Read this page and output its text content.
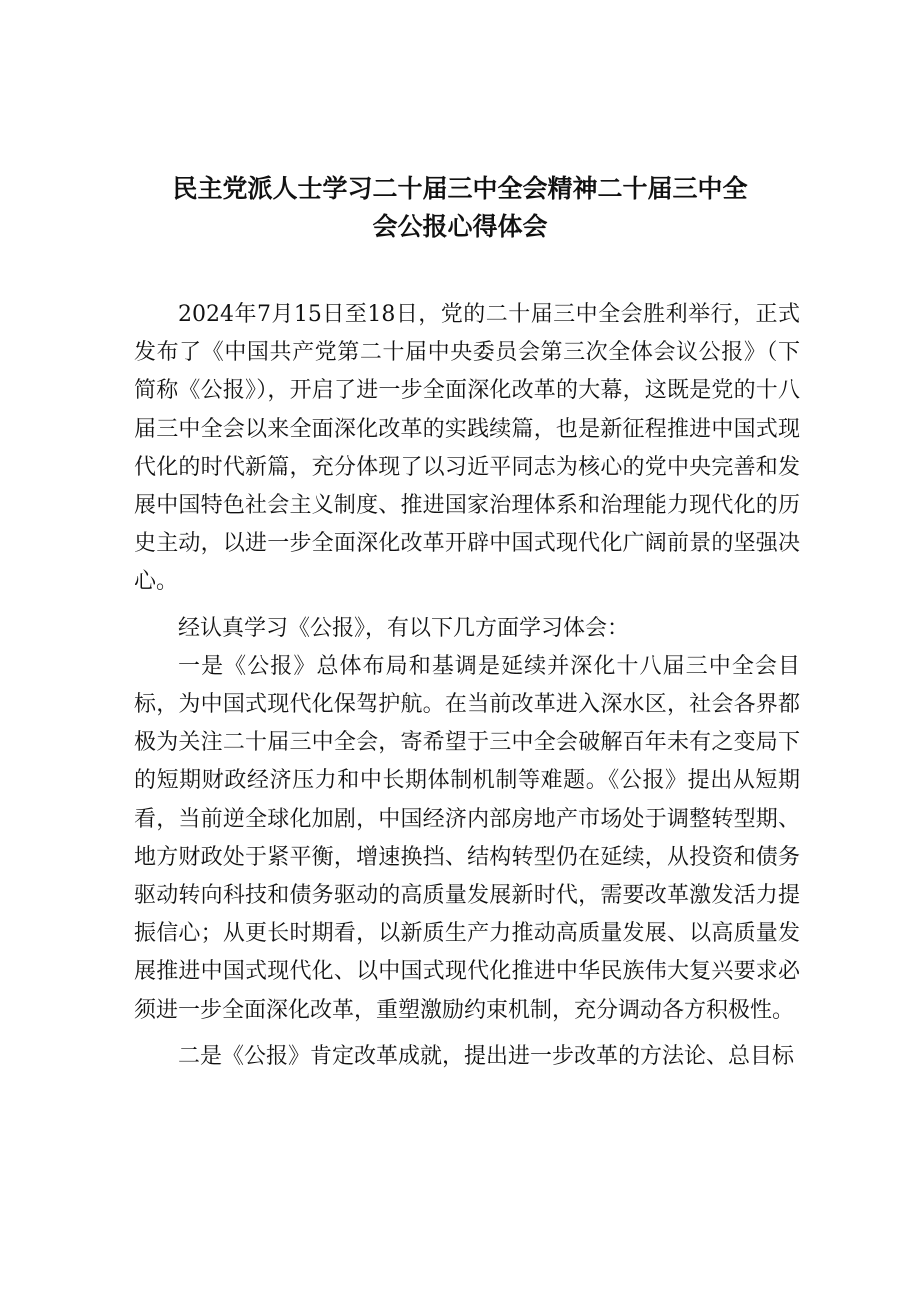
民主党派人士学习二十届三中全会精神二十届三中全
会公报心得体会

2024年7月15日至18日，党的二十届三中全会胜利举行，正式发布了《中国共产党第二十届中央委员会第三次全体会议公报》（下简称《公报》），开启了进一步全面深化改革的大幕，这既是党的十八届三中全会以来全面深化改革的实践续篇，也是新征程推进中国式现代化的时代新篇，充分体现了以习近平同志为核心的党中央完善和发展中国特色社会主义制度、推进国家治理体系和治理能力现代化的历史主动，以进一步全面深化改革开辟中国式现代化广阔前景的坚强决心。

经认真学习《公报》，有以下几方面学习体会：

一是《公报》总体布局和基调是延续并深化十八届三中全会目标，为中国式现代化保驾护航。在当前改革进入深水区，社会各界都极为关注二十届三中全会，寄希望于三中全会破解百年未有之变局下的短期财政经济压力和中长期体制机制等难题。《公报》提出从短期看，当前逆全球化加剧，中国经济内部房地产市场处于调整转型期、地方财政处于紧平衡，增速换挡、结构转型仍在延续，从投资和债务驱动转向科技和债务驱动的高质量发展新时代，需要改革激发活力提振信心；从更长时期看，以新质生产力推动高质量发展、以高质量发展推进中国式现代化、以中国式现代化推进中华民族伟大复兴要求必须进一步全面深化改革，重塑激励约束机制，充分调动各方积极性。

二是《公报》肯定改革成就，提出进一步改革的方法论、总目标
